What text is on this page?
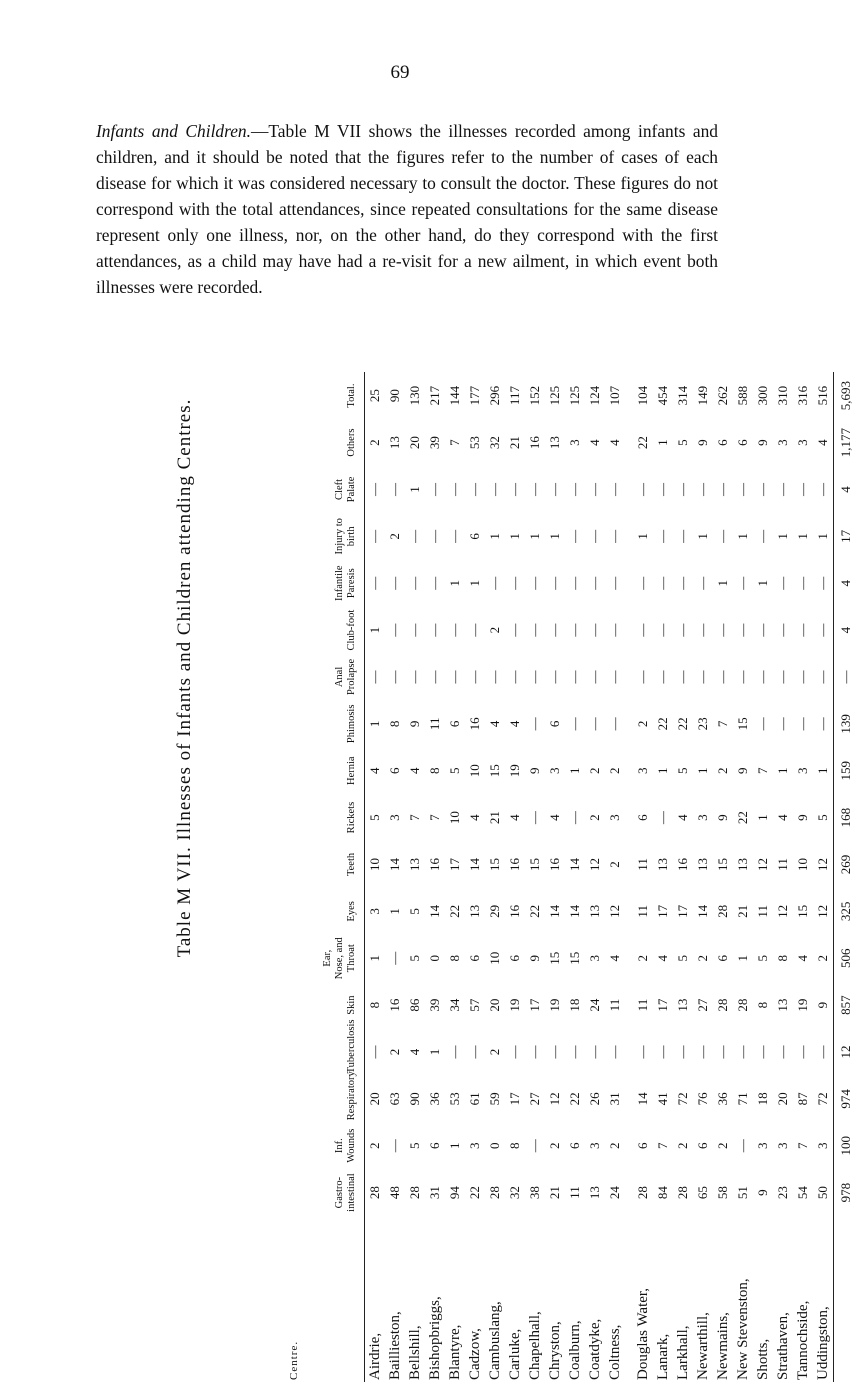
69
Infants and Children.—Table M VII shows the illnesses recorded among infants and children, and it should be noted that the figures refer to the number of cases of each disease for which it was considered necessary to consult the doctor. These figures do not correspond with the total attendances, since repeated consultations for the same disease represent only one illness, nor, on the other hand, do they correspond with the first attendances, as a child may have had a re-visit for a new ailment, in which event both illnesses were recorded.
Table M VII. Illnesses of Infants and Children attending Centres.
Centre.	Gastro-intestinal	Inf. Wounds	Respiratory	Tuberculosis	Skin	Ear, Nose, and Throat	Eyes	Teeth	Rickets	Hernia	Phimosis	Anal Prolapse	Club-foot	Infantile Paresis	Injury to birth	Cleft Palate	Others	Total.
Airdrie,	28	2	20	—	8	1	3	10	5	4	1	—	1	—	—	—	2	25
Baillieston,	48	—	63	2	16	—	1	14	3	6	8	—	—	—	2	—	13	90
Bellshill,	28	5	90	4	86	5	5	13	7	4	9	—	—	—	—	1	20	130
Bishopbriggs,	31	6	36	1	39	0	14	16	7	8	11	—	—	—	—	—	39	217
Blantyre,	94	1	53	—	34	8	22	17	10	5	6	—	—	1	—	—	7	144
Cadzow,	22	3	61	—	57	6	13	14	4	10	16	—	—	1	6	—	53	177
Cambuslang,	28	0	59	2	20	10	29	15	21	15	4	—	2	—	1	—	32	296
Carluke,	32	8	17	—	19	6	16	16	4	19	4	—	—	—	1	—	21	117
Chapelhall,	38	—	27	—	17	9	22	15	—	9	—	—	—	—	1	—	16	152
Chryston,	21	2	12	—	19	15	14	16	4	3	6	—	—	—	1	—	13	125
Coalburn,	11	6	22	—	18	15	14	14	—	1	—	—	—	—	—	—	3	125
Coatdyke,	13	3	26	—	24	3	13	12	2	2	—	—	—	—	—	—	4	124
Coltness,	24	2	31	—	11	4	12	2	3	2	—	—	—	—	—	—	4	107

Douglas Water,	28	6	14	—	11	2	11	11	6	3	2	—	—	—	1	—	22	104
Lanark,	84	7	41	—	17	4	17	13	—	1	22	—	—	—	—	—	1	454
Larkhall,	28	2	72	—	13	5	17	16	4	5	22	—	—	—	—	—	5	314
Newarthill,	65	6	76	—	27	2	14	13	3	1	23	—	—	—	1	—	9	149
Newmains,	58	2	36	—	28	6	28	15	9	2	7	—	—	1	—	—	6	262
New Stevenston,	51	—	71	—	28	1	21	13	22	9	15	—	—	—	1	—	6	588
Shotts,	9	3	18	—	8	5	11	12	1	7	—	—	—	1	—	—	9	300
Strathaven,	23	3	20	—	13	8	12	11	4	1	—	—	—	—	1	—	3	310
Tannochside,	54	7	87	—	19	4	15	10	9	3	—	—	—	—	1	—	3	316
Uddingston,	50	3	72	—	9	2	12	12	5	1	—	—	—	—	1	—	4	516
	978	100	974	12	857	506	325	269	168	159	139	—	4	4	17	4	1,177	5,693
